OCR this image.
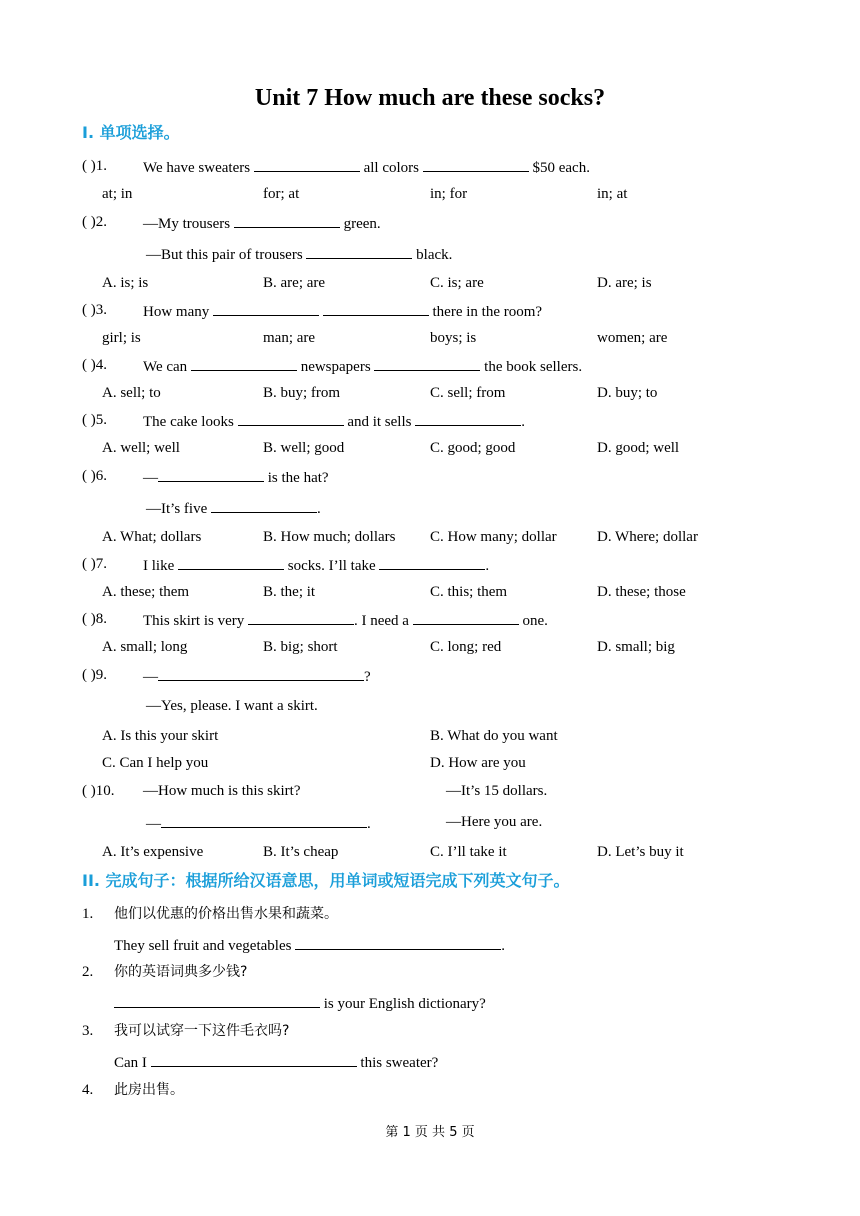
Unit 7 How much are these socks?
I. 单项选择。
( )1. We have sweaters	all colors	$50 each.
at; in	for; at	in; for	in; at
( )2. —My trousers	green.
—But this pair of trousers	black.
A. is; is	B. are; are	C. is; are	D. are; is
( )3. How many	there in the room?
girl; is	man; are	boys; is	women; are
( )4. We can	newspapers	the book sellers.
A. sell; to	B. buy; from	C. sell; from	D. buy; to
( )5. The cake looks	and it sells	.
A. well; well	B. well; good	C. good; good	D. good; well
( )6. —	is the hat?
—It’s five	.
A. What; dollars	B. How much; dollars C. How many; dollar	D. Where; dollar
( )7. I like	socks. I’ll take	.
A. these; them	B. the; it	C. this; them	D. these; those
( )8. This skirt is very	. I need a	one.
A. small; long	B. big; short	C. long; red	D. small; big
( )9. —	?
—Yes, please. I want a skirt.
A. Is this your skirt	B. What do you want
C. Can I help you	D. How are you
( )10. —How much is this skirt?	—It’s 15 dollars.
—	.	—Here you are.
A. It’s expensive	B. It’s cheap	C. I’ll take it	D. Let’s buy it
II. 完成句子：根据所给汉语意思，用单词或短语完成下列英文句子。
1. 他们以优惠的价格出售水果和蔬菜。
They sell fruit and vegetables	.
2. 你的英语词典多少钱?
is your English dictionary?
3. 我可以试穿一下这件毛衣吗?
Can I	this sweater?
4. 此房出售。
第 1 页 共 5 页
